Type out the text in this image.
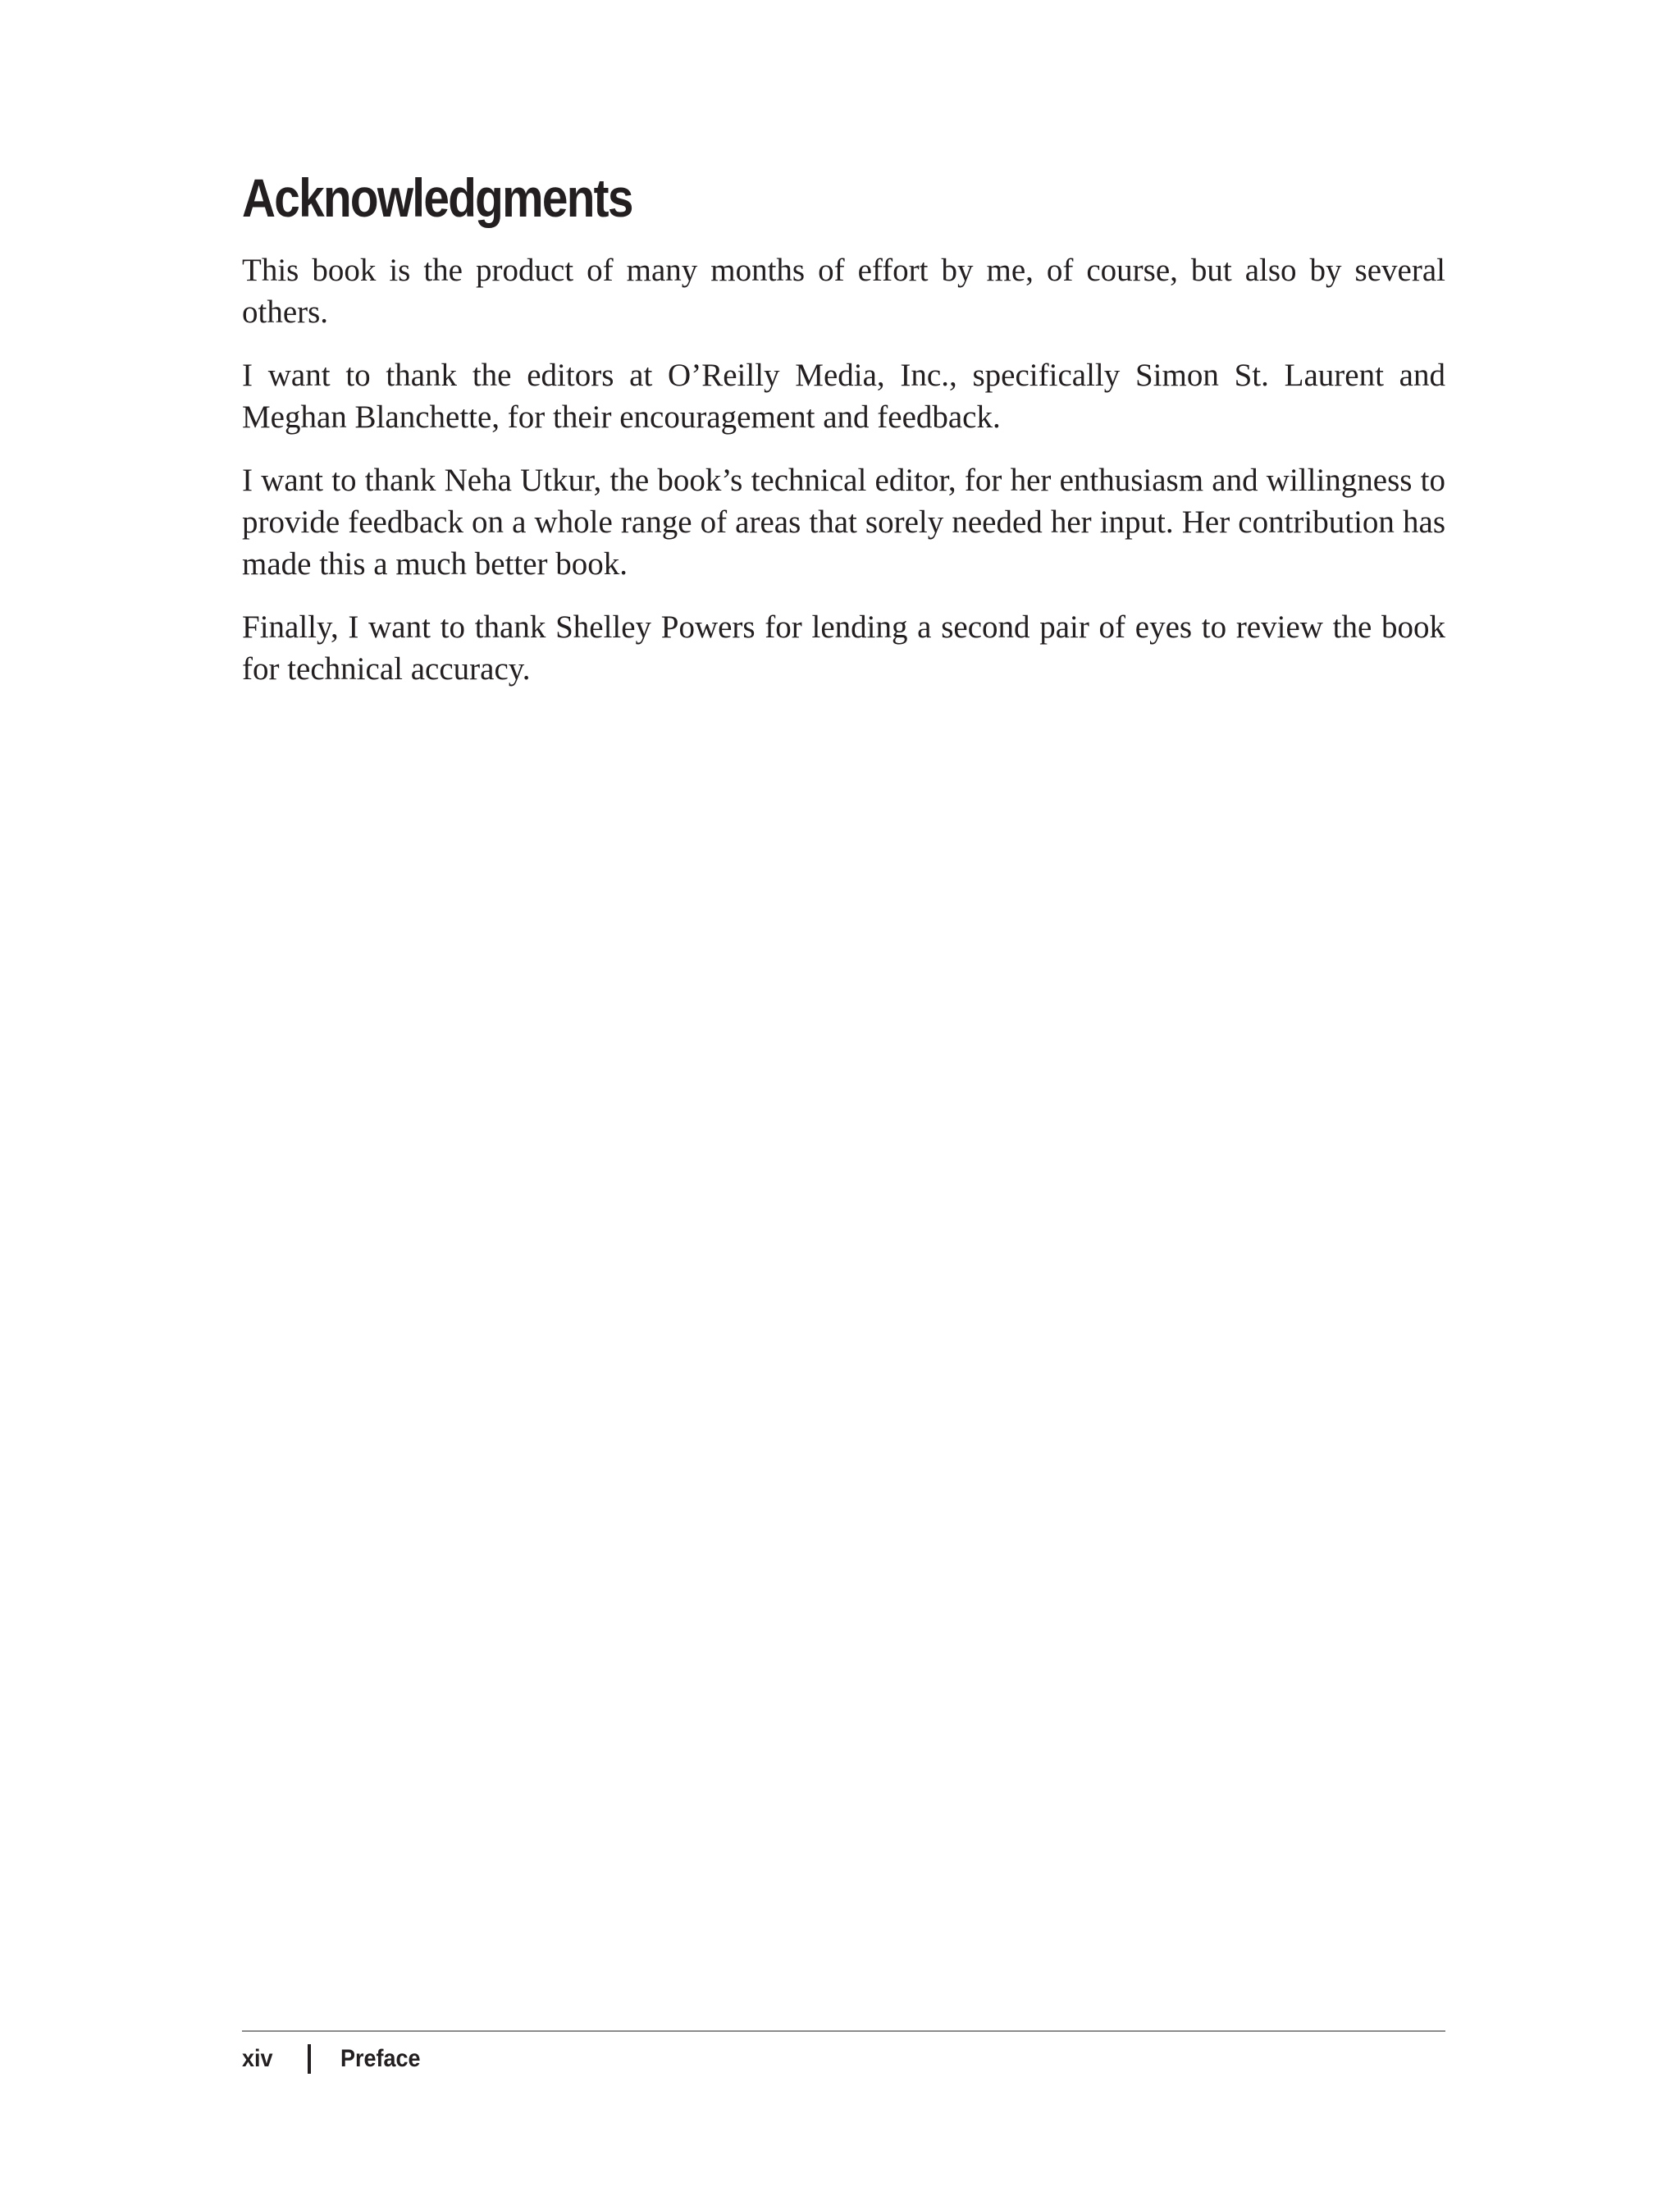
Acknowledgments

This book is the product of many months of effort by me, of course, but also by several others.

I want to thank the editors at O’Reilly Media, Inc., specifically Simon St. Laurent and Meghan Blanchette, for their encouragement and feedback.

I want to thank Neha Utkur, the book’s technical editor, for her enthusiasm and willingness to provide feedback on a whole range of areas that sorely needed her input. Her contribution has made this a much better book.

Finally, I want to thank Shelley Powers for lending a second pair of eyes to review the book for technical accuracy.

xiv	Preface
